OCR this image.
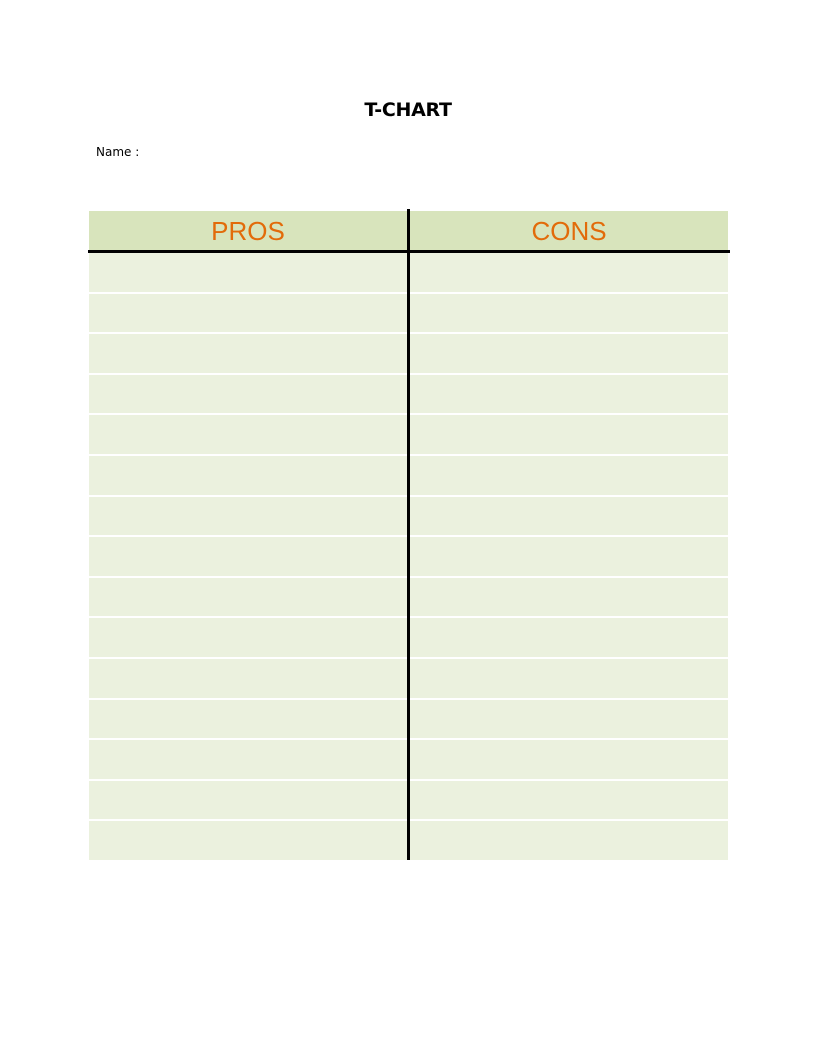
T-CHART
Name :
PROS	CONS
